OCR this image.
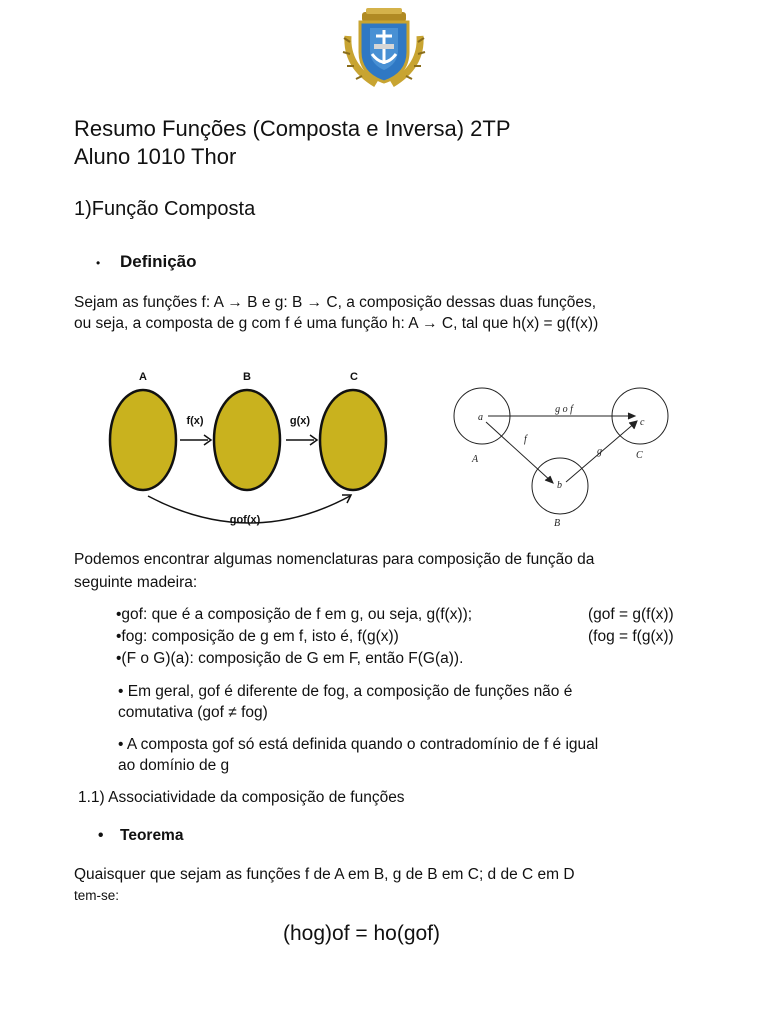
Resumo Funções (Composta e Inversa) 2TP
Aluno 1010 Thor
1)Função Composta
• Definição
Sejam as funções f: A → B e g: B → C, a composição dessas duas funções,
ou seja, a composta de g com f é uma função h: A → C, tal que h(x) = g(f(x))
A	B	C
f(x)	g(x)
gof(x)
a
b
c
A
B
C
g o f
f
g
Podemos encontrar algumas nomenclaturas para composição de função da
seguinte madeira:
•gof: que é a composição de f em g, ou seja, g(f(x));	(gof = g(f(x))
•fog: composição de g em f, isto é, f(g(x))	(fog = f(g(x))
•(F o G)(a): composição de G em F, então F(G(a)).
• Em geral, gof é diferente de fog, a composição de funções não é
comutativa (gof ≠ fog)
• A composta gof só está definida quando o contradomínio de f é igual
ao domínio de g
1.1) Associatividade da composição de funções
• Teorema
Quaisquer que sejam as funções f de A em B, g de B em C; d de C em D
tem-se:
(hog)of = ho(gof)
